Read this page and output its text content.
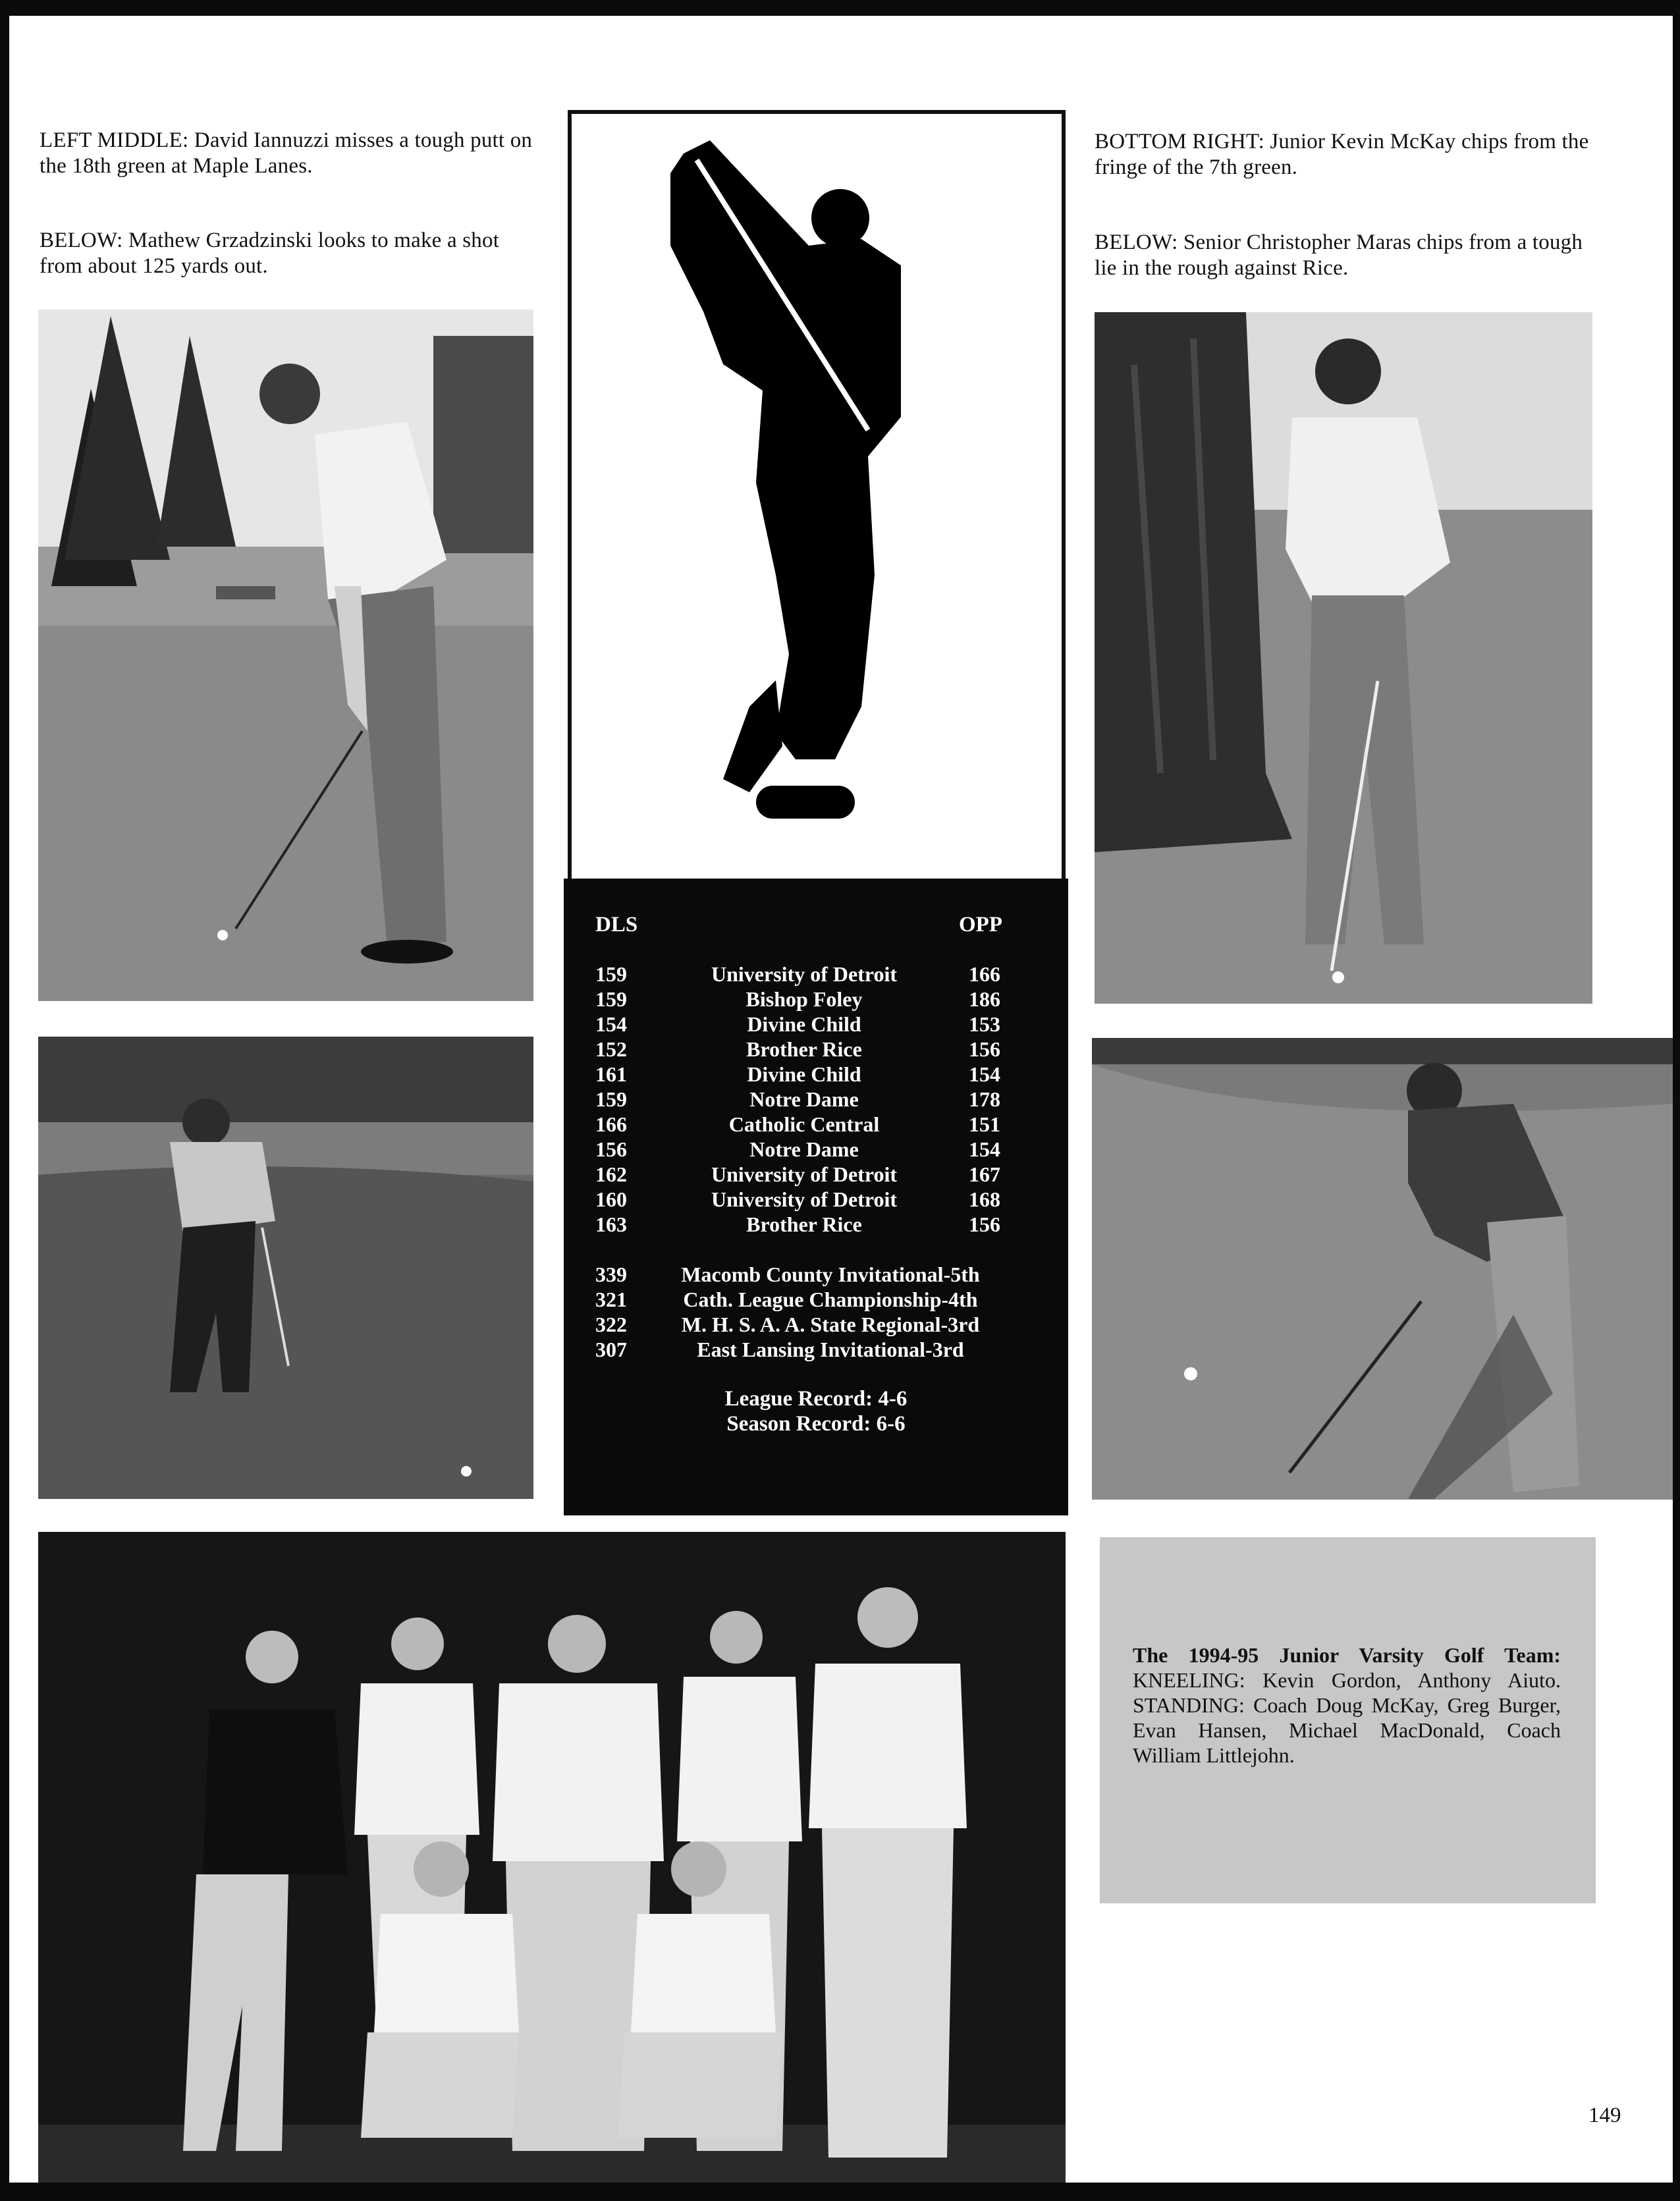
LEFT MIDDLE: David Iannuzzi misses a tough putt on the 18th green at Maple Lanes.
BELOW: Mathew Grzadzinski looks to make a shot from about 125 yards out.
BOTTOM RIGHT: Junior Kevin McKay chips from the fringe of the 7th green.
BELOW: Senior Christopher Maras chips from a tough lie in the rough against Rice.
DLS	OPP
159	University of Detroit	166
159	Bishop Foley	186
154	Divine Child	153
152	Brother Rice	156
161	Divine Child	154
159	Notre Dame	178
166	Catholic Central	151
156	Notre Dame	154
162	University of Detroit	167
160	University of Detroit	168
163	Brother Rice	156
339	Macomb County Invitational-5th
321	Cath. League Championship-4th
322	M. H. S. A. A. State Regional-3rd
307	East Lansing Invitational-3rd
League Record: 4-6
Season Record: 6-6
The 1994-95 Junior Varsity Golf Team: KNEELING: Kevin Gordon, Anthony Aiuto. STANDING: Coach Doug McKay, Greg Burger, Evan Hansen, Michael MacDonald, Coach William Littlejohn.
149
